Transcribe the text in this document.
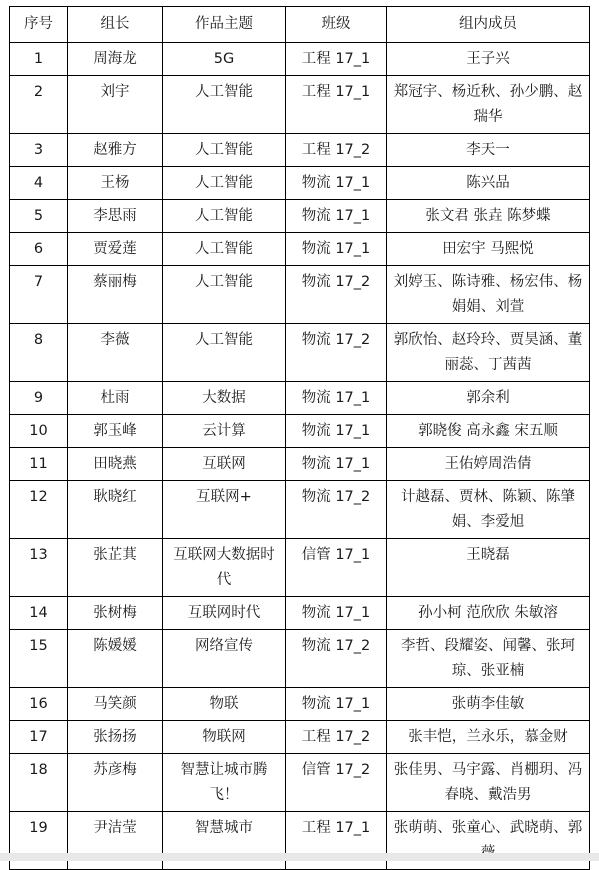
序号	组长	作品主题	班级	组内成员
1	周海龙	5G	工程 17_1	王子兴
2	刘宇	人工智能	工程 17_1	郑冠宇、杨近秋、孙少鹏、赵瑞华
3	赵雅方	人工智能	工程 17_2	李天一
4	王杨	人工智能	物流 17_1	陈兴品
5	李思雨	人工智能	物流 17_1	张文君 张垚 陈梦蝶
6	贾爱莲	人工智能	物流 17_1	田宏宇 马熙悦
7	蔡丽梅	人工智能	物流 17_2	刘婷玉、陈诗雅、杨宏伟、杨娟娟、刘萱
8	李薇	人工智能	物流 17_2	郭欣怡、赵玲玲、贾昊涵、董丽蕊、丁茜茜
9	杜雨	大数据	物流 17_1	郭余利
10	郭玉峰	云计算	物流 17_1	郭晓俊 高永鑫 宋五顺
11	田晓燕	互联网	物流 17_1	王佑婷周浩倩
12	耿晓红	互联网+	物流 17_2	计越磊、贾林、陈颖、陈肇娟、李爱旭
13	张芷萁	互联网大数据时代	信管 17_1	王晓磊
14	张树梅	互联网时代	物流 17_1	孙小柯 范欣欣 朱敏溶
15	陈媛媛	网络宣传	物流 17_2	李哲、段耀姿、闻馨、张珂琼、张亚楠
16	马笑颜	物联	物流 17_1	张萌李佳敏
17	张扬扬	物联网	工程 17_2	张丰恺，兰永乐，慕金财
18	苏彦梅	智慧让城市腾飞！	信管 17_2	张佳男、马宇露、肖棚玥、冯春晓、戴浩男
19	尹洁莹	智慧城市	工程 17_1	张萌萌、张童心、武晓萌、郭
